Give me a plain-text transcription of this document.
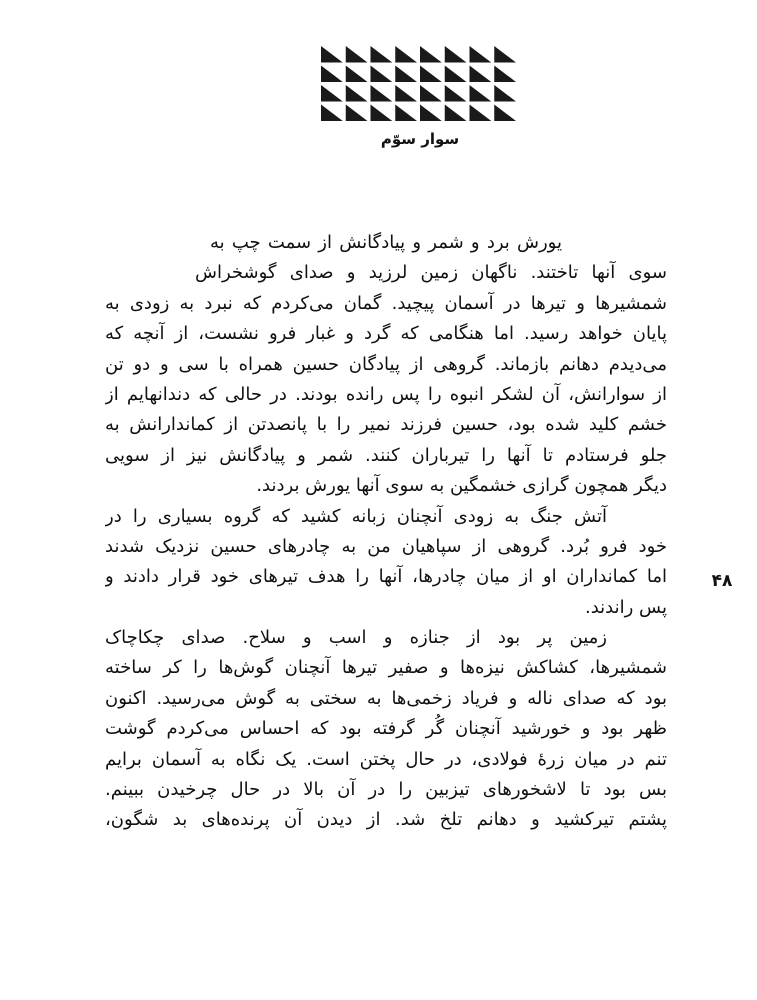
سوار سوّم
یورش برد و شمر و پیادگانش از سمت چپ به
سوی آنها تاختند. ناگهان زمین لرزید و صدای گوشخراش
شمشیرها و تیرها در آسمان پیچید. گمان می‌کردم که نبرد به زودی به
پایان خواهد رسید. اما هنگامی که گرد و غبار فرو نشست، از آنچه که
می‌دیدم دهانم بازماند. گروهی از پیادگان حسین همراه با سی و دو تن
از سوارانش، آن لشکر انبوه را پس رانده بودند. در حالی که دندانهایم از
خشم کلید شده بود، حسین فرزند نمیر را با پانصدتن از کماندارانش به
جلو فرستادم تا آنها را تیرباران کنند. شمر و پیادگانش نیز از سویی
دیگر همچون گرازی خشمگین به سوی آنها یورش بردند.
آتش جنگ به زودی آنچنان زبانه کشید که گروه بسیاری را در
خود فرو بُرد. گروهی از سپاهیان من به چادرهای حسین نزدیک شدند
اما کمانداران او از میان چادرها، آنها را هدف تیرهای خود قرار دادند و
پس راندند.
زمین پر بود از جنازه و اسب و سلاح. صدای چکاچاک
شمشیرها، کشاکش نیزه‌ها و صفیر تیرها آنچنان گوش‌ها را کر ساخته
بود که صدای ناله و فریاد زخمی‌ها به سختی به گوش می‌رسید. اکنون
ظهر بود و خورشید آنچنان گُر گرفته بود که احساس می‌کردم گوشت
تنم در میان زرهٔ فولادی، در حال پختن است. یک نگاه به آسمان برایم
بس بود تا لاشخورهای تیزبین را در آن بالا در حال چرخیدن ببینم.
پشتم تیرکشید و دهانم تلخ شد. از دیدن آن پرنده‌های بد شگون،
۴۸
